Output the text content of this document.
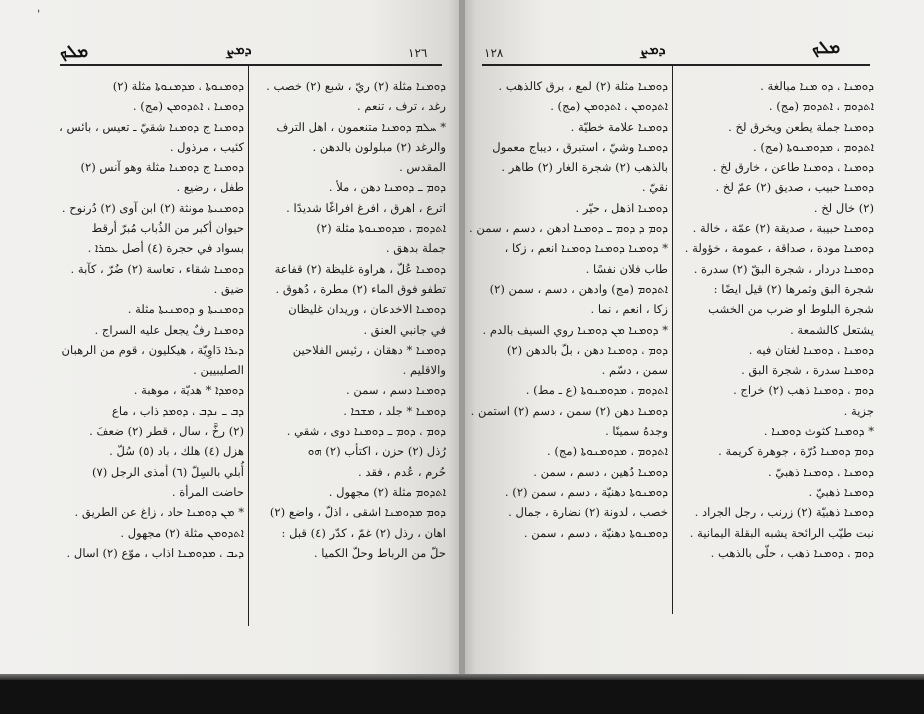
ˈ
ܡܠܟ	ܕܡܨ	١٢٦
ܕܘܡܢܘܬܐ ، ܡܕܡܢܘܬܐ مثلة (٢)
ܕܘܡܢܐ ، ܐܬܕܘܡܢ (مج) .
ܕܘܡܢܐ ج ܕܘܡܢܐ شقيّ ـ تعيس ، بائس ،
كئيب ، مرذول .
ܕܘܡܢܐ ج ܕܘܡܢܐ مثلة وهو آنس (٢)
طفل ، رضيع .
ܕܘܡܢܝܬܐ مونثة (٢) ابن آوى (٢) دُرنوح .
حيوان أكبر من الذُباب مُبرّ أرقط
بسواد في حجرة (٤) أصل ܥܩܪܐ .
ܕܘܡܢܐ شقاء ، تعاسة (٢) ضُرّ ، كآبة .
ضيق .
ܕܘܡܢܝܬܐ و ܕܘܡܢܝܬܐ مثلة .
ܕܘܡܢܐ رفٌ يجعل عليه السراج .
ܕܝܪܐ دَاوِيّة ، هيكليون ، قوم من الرهبان
الصليبيين .
ܕܘܡܕܐ * هديّة ، موهبة .
ܕܒ ـ ܢܕܒ ، ܕܘܡܕ ذاب ، ماع
(٢) رخَّ ، سال ، قطر (٢) ضعفَ .
هزل (٤) هلك ، باد (٥) سُلّ .
أُبلي بالسِلّ (٦) أمذى الرجل (٧)
حاضت المرأة .
* ܡܢ ܕܘܡܢܐ حاد ، زاغ عن الطريق .
ܐܬܕܘܡܢ مثلة (٢) مجهول .
ܕܝܒ ، ܡܕܘܡܢܐ اذاب ، موّع (٢) اسال .
ܕܘܡܢܐ مثلة (٢) ريّ ، شبع (٢) خصب .
رغد ، ترف ، تنعم .
* ܚܠܡ ܕܘܡܢܐ متنعمون ، اهل الترف
والرغد (٢) مبلولون بالدهن .
المقدس .
ܕܘܡ ـ ܕܘܡܢܐ دهن ، ملأ .
اترع ، اهرق ، افرغ افراغًا شديدًا .
ܐܬܕܘܡ ، ܡܕܘܡܢܘܬܐ مثلة (٢)
جملة بدهق .
ܕܘܡܢܐ عُلّ ، هراوة غليظة (٢) قفاعة
تطفو فوق الماء (٢) مطرة ، دُهوق .
ܕܘܡܢܐ الاخدعان ، وريدان غليظان
في جانبي العنق .
ܕܘܡܢܐ * دهقان ، رئيس الفلاحين
والاقليم .
ܕܘܡܢܐ دسم ، سمن .
ܕܘܡܢܐ * جلد ، ܡܫܟܐ .
ܕܘܡ ، ܕܘܡ ـ ܕܘܡܢܐ دوى ، شقي .
رُذل (٢) حزن ، اكتأب (٢) ܗܘ
حُرم ، عُدم ، فقد .
ܐܬܕܘܡ مثلة (٢) مجهول .
ܕܘܡ ܡܕܘܡܢܐ اشقى ، اذلّ ، واضع (٢)
اهان ، رذل (٢) غمّ ، كدّر (٤) قبل :
حلّ من الرباط وحلّ الكميا .
١٢٨	ܕܡܨ	ܡܠܟ
ܕܘܡܢܐ مثلة (٢) لمع ، برق كالذهب .
ܐܬܕܘܡܢ ، ܐܬܕܘܡܢ (مج) .
ܕܘܡܢܐ علامة خطيّة .
ܕܘܡܢܐ وشيّ ، استبرق ، ديباج معمول
بالذهب (٢) شجرة الغار (٢) طاهر .
نقيّ .
ܕܘܡܢܐ اذهل ، حيّر .
ܕܘܡ ܕ ܕܘܡ ـ ܕܘܡܢܐ ادهن ، دسم ، سمن .
* ܕܘܡܢܐ ܕܘܡܢܐ ܕܘܡܢܐ انعم ، زكا ،
طاب فلان نفسًا .
ܐܬܕܘܡ (مج) وادهن ، دسم ، سمن (٢)
زكا ، انعم ، نما .
* ܕܘܡܢܐ ܡܢ ܕܘܡܢܐ روي السيف بالدم .
ܕܘܡ ، ܕܘܡܢܐ دهن ، بلّ بالدهن (٢)
سمن ، دسّم .
ܐܬܕܘܡ ، ܡܕܘܡܢܘܬܐ (ع ـ مط) .
ܕܘܡܢܐ دهن (٢) سمن ، دسم (٢) استمن .
وجدهُ سمينًا .
ܐܬܕܘܡ ، ܡܕܘܡܢܘܬܐ (مج) .
ܕܘܡܢܐ دُهين ، دسم ، سمن .
ܕܘܡܢܘܬܐ دهنيّة ، دسم ، سمن (٢) .
خصب ، لدونة (٢) نضارة ، جمال .
ܕܘܡܢܘܬܐ دهنيّة ، دسم ، سمن .
ܕܘܡܢܐ ، ܕܘ ܡܢܐ مبالغة .
ܐܬܕܘܡ ، ܐܬܕܘܡ (مج) .
ܕܘܡܢܐ جملة يطعن ويخرق لخ .
ܐܬܕܘܡ ، ܡܕܘܡܢܘܬܐ (مج) .
ܕܘܡܢܐ ، ܕܘܡܢܐ طاعن ، خارق لخ .
ܕܘܡܢܐ حبيب ، صديق (٢) عمّ لخ .
(٢) خال لخ .
ܕܘܡܢܐ حبيبة ، صديقة (٢) عمّة ، خالة .
ܕܘܡܢܐ مودة ، صداقة ، عمومة ، خؤولة .
ܕܘܡܢܐ دردار ، شجرة البقّ (٢) سدرة .
شجرة البق وثمرها (٢) قيل ايضًا :
شجرة البلوط او ضرب من الخشب
يشتعل كالشمعة .
ܕܘܡܢܐ ، ܕܘܡܢܐ لغتان فيه .
ܕܘܡܢܐ سدرة ، شجرة البق .
ܕܘܡ ، ܕܘܡܢܐ ذهب (٢) خراج .
جزية .
* ܕܘܡܢܐ كثوث ܕܘܡܢܐ .
ܕܘܡ ܕܘܡܢܐ دُرّة ، جوهرة كريمة .
ܕܘܡܢܐ ، ܕܘܡܢܐ ذهبيّ .
ܕܘܡܢܐ ذهبيّ .
ܕܘܡܢܐ ذهبيّة (٢) زرنب ، رجل الجراد .
نبت طيّب الرائحة يشبه البقلة اليمانية .
ܕܘܡ ، ܕܘܡܢܐ ذهب ، حلّى بالذهب .
